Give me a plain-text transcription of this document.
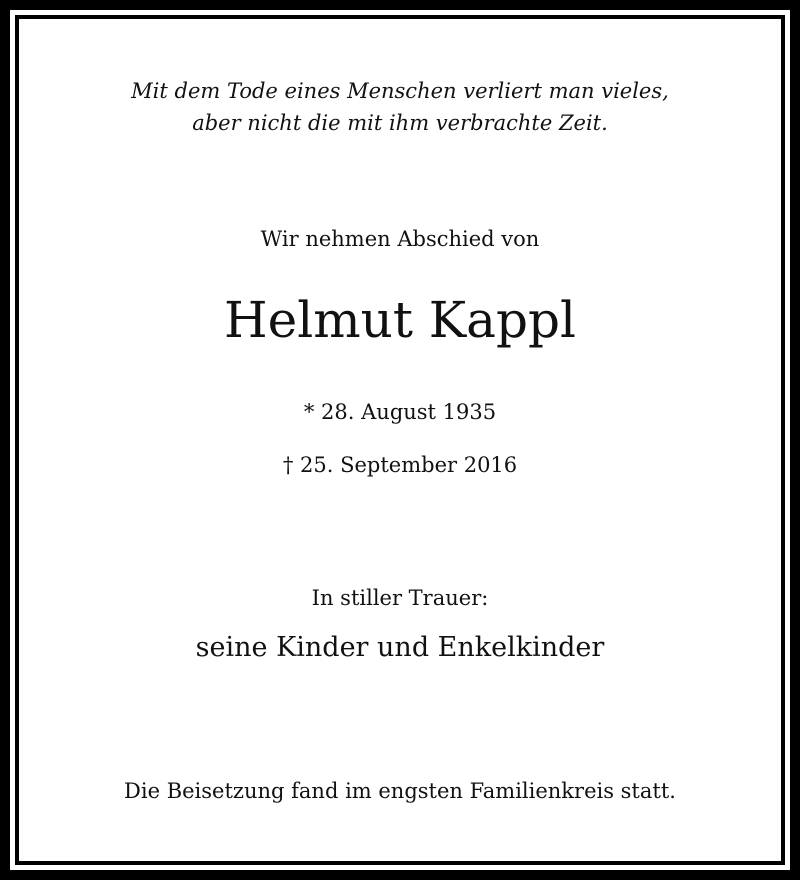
Mit dem Tode eines Menschen verliert man vieles,
aber nicht die mit ihm verbrachte Zeit.
Wir nehmen Abschied von
Helmut Kappl
* 28. August 1935
† 25. September 2016
In stiller Trauer:
seine Kinder und Enkelkinder
Die Beisetzung fand im engsten Familienkreis statt.
